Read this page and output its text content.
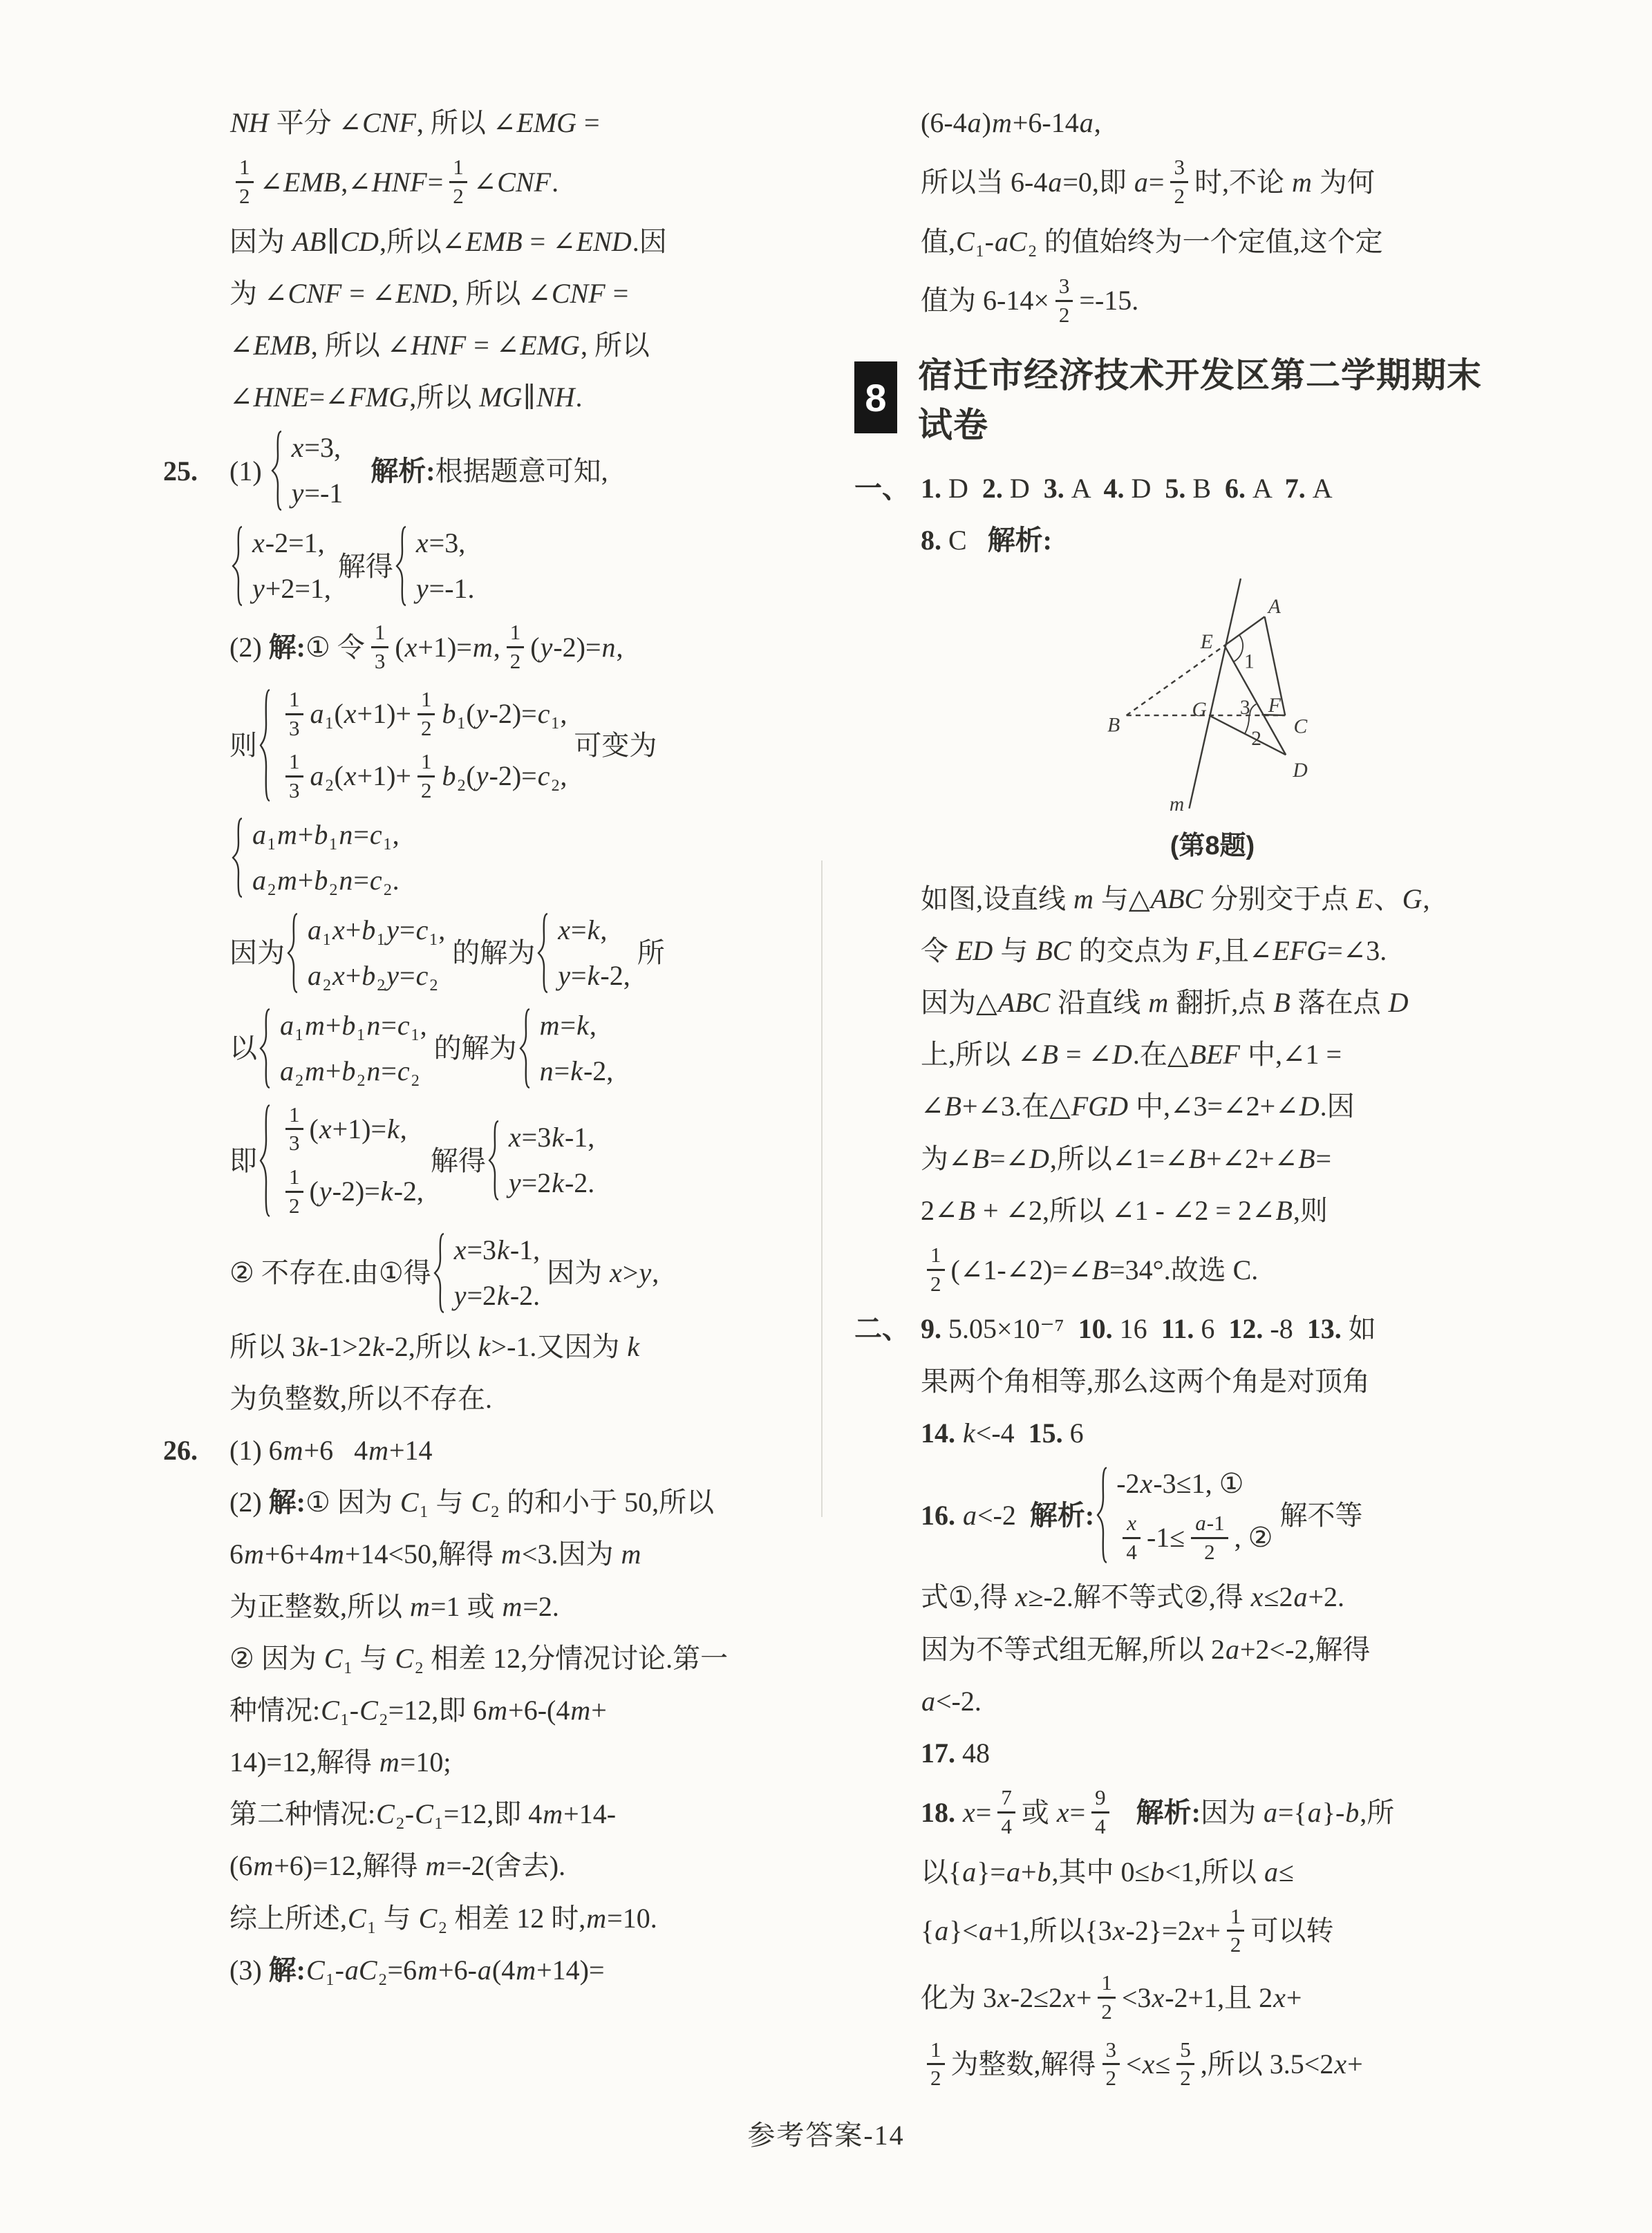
NH 平分 ∠CNF , 所以 ∠EMG =
$\frac{1}{2}$ ∠EMB , ∠HNF= $\frac{1}{2}$ ∠CNF.
因为 AB∥CD ,所以 ∠EMB = ∠END .因
为 ∠CNF = ∠END , 所以 ∠CNF =
∠EMB , 所以 ∠HNF = ∠EMG , 所以
∠HNE=∠FMG ,所以 MG∥NH.
25.	(1)
x=3,
y=-1

解析: 根据题意可知,
x-2=1,
y+2=1,
解得
x=3,
y=-1.
(2) 解: ① 令 $\frac{1}{3} (x+1)=m$ , $\frac{1}{2} (y-2)=n$ ,
则
$\frac{1}{3} a_1(x+1)+ \frac{1}{2} b_1(y-2)=c_1$,
$\frac{1}{3} a_2(x+1)+ \frac{1}{2} b_2(y-2)=c_2$,
可变为
a₁m+b₁n=c₁,
a₂m+b₂n=c₂.
因为
a₁x+b₁y=c₁,
a₂x+b₂y=c₂
的解为
x=k,
y=k-2,
所
以
a₁m+b₁n=c₁,
a₂m+b₂n=c₂
的解为
m=k,
n=k-2,
即
$\frac{1}{3} (x+1)=k$,
$\frac{1}{2} (y-2)=k-2$,
解得
x=3k-1,
y=2k-2.
② 不存在.由①得
x=3k-1,
y=2k-2.
因为 x>y ,
所以 3k-1>2k-2 ,所以 k>-1 .又因为 k
为负整数,所以不存在.
26.	(1) 6m+6
4m+14
(2) 解: ① 因为 C₁ 与 C₂ 的和小于 50,所以
6m+6+4m+14<50 ,解得 m<3 .因为 m
为正整数,所以 m=1 或 m=2.
② 因为 C₁ 与 C₂ 相差 12,分情况讨论.第一
种情况: C₁-C₂=12 ,即 6m+6-(4m+
14)=12 ,解得 m=10 ;
第二种情况: C₂-C₁=12 ,即 4m+14-
(6m+6)=12 ,解得 m=-2 (舍去).
综上所述, C₁ 与 C₂ 相差 12 时, m=10.
(3) 解: C₁-aC₂=6m+6-a(4m+14)=
(6-4a)m+6-14a ,
所以当 6-4a=0 ,即 $a= \frac{3}{2}$ 时,不论 m 为何
值, C₁-aC₂ 的值始终为一个定值,这个定
值为 $6-14\times \frac{3}{2} =-15$.
8
宿迁市经济技术开发区第二学期期末试卷
一、 1. D 2. D 3. A 4. D 5. B 6. A 7. A
8. C 解析:
A
E
1
B
G 3 F
C
2
D
m
(第8题)
如图,设直线 m 与△ ABC 分别交于点 E 、 G ,
令 ED 与 BC 的交点为 F ,且 ∠EFG=∠3.
因为△ ABC 沿直线 m 翻折,点 B 落在点 D
上,所以 ∠B = ∠D .在△ BEF 中, ∠1 =
∠B+∠3 .在△ FGD 中, ∠3=∠2+∠D .因
为 ∠B=∠D ,所以 ∠1=∠B+∠2+∠B=
2∠B + ∠2 ,所以 ∠1 - ∠2 = 2∠B ,则
$\frac{1}{2}$ (∠1-∠2)=∠B=34° .故选 C.
二、 9.
5.05×10⁻⁷
10. 16 11. 6 12. -8 13. 如
果两个角相等,那么这两个角是对顶角
14.
k<-4
15. 6
16.
a<-2
解析:
-2x-3≤1, ①
$\frac{x}{4} -1\le \frac{a-1}{2}$ , ②
解不等
式①,得 x≥-2 .解不等式②,得 x≤2a+2.
因为不等式组无解,所以 2a+2<-2 ,解得
a<-2.
17. 48
18.
$x= \frac{7}{4}$ 或 $x= \frac{9}{4}$
解析: 因为 a={a}-b ,所
以 {a}=a+b ,其中 0≤b<1 ,所以 a≤
{a}<a+1 ,所以 $\{3x-2\}=2x+ \frac{1}{2}$ 可以转
化为 $3x-2\le 2x+ \frac{1}{2} <3x-2+1$ ,且 2x+
$\frac{1}{2}$ 为整数,解得 $\frac{3}{2} <x\le \frac{5}{2}$ ,所以 3.5<2x+
参考答案-14
